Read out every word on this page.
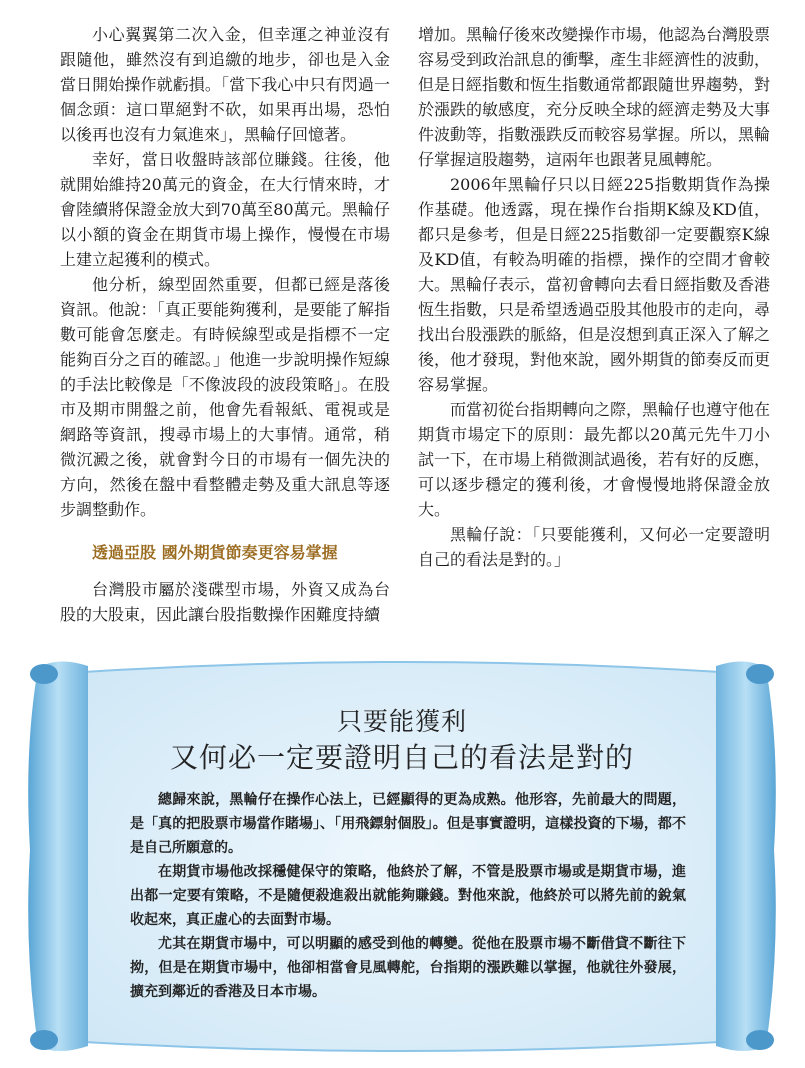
小心翼翼第二次入金，但幸運之神並沒有跟隨他，雖然沒有到追繳的地步，卻也是入金當日開始操作就虧損。「當下我心中只有閃過一個念頭：這口單絕對不砍，如果再出場，恐怕以後再也沒有力氣進來」，黑輪仔回憶著。

幸好，當日收盤時該部位賺錢。往後，他就開始維持20萬元的資金，在大行情來時，才會陸續將保證金放大到70萬至80萬元。黑輪仔以小額的資金在期貨市場上操作，慢慢在市場上建立起獲利的模式。

他分析，線型固然重要，但都已經是落後資訊。他說：「真正要能夠獲利，是要能了解指數可能會怎麼走。有時候線型或是指標不一定能夠百分之百的確認。」他進一步說明操作短線的手法比較像是「不像波段的波段策略」。在股市及期市開盤之前，他會先看報紙、電視或是網路等資訊，搜尋市場上的大事情。通常，稍微沉澱之後，就會對今日的市場有一個先決的方向，然後在盤中看整體走勢及重大訊息等逐步調整動作。

透過亞股 國外期貨節奏更容易掌握

台灣股市屬於淺碟型市場，外資又成為台股的大股東，因此讓台股指數操作困難度持續

增加。黑輪仔後來改變操作市場，他認為台灣股票容易受到政治訊息的衝擊，產生非經濟性的波動，但是日經指數和恆生指數通常都跟隨世界趨勢，對於漲跌的敏感度，充分反映全球的經濟走勢及大事件波動等，指數漲跌反而較容易掌握。所以，黑輪仔掌握這股趨勢，這兩年也跟著見風轉舵。

2006年黑輪仔只以日經225指數期貨作為操作基礎。他透露，現在操作台指期K線及KD值，都只是參考，但是日經225指數卻一定要觀察K線及KD值，有較為明確的指標，操作的空間才會較大。黑輪仔表示，當初會轉向去看日經指數及香港恆生指數，只是希望透過亞股其他股市的走向，尋找出台股漲跌的脈絡，但是沒想到真正深入了解之後，他才發現，對他來說，國外期貨的節奏反而更容易掌握。

而當初從台指期轉向之際，黑輪仔也遵守他在期貨市場定下的原則：最先都以20萬元先牛刀小試一下，在市場上稍微測試過後，若有好的反應，可以逐步穩定的獲利後，才會慢慢地將保證金放大。

黑輪仔說：「只要能獲利，又何必一定要證明自己的看法是對的。」

只要能獲利
又何必一定要證明自己的看法是對的

總歸來說，黑輪仔在操作心法上，已經顯得的更為成熟。他形容，先前最大的問題，是「真的把股票市場當作賭場」、「用飛鏢射個股」。但是事實證明，這樣投資的下場，都不是自己所願意的。

在期貨市場他改採穩健保守的策略，他終於了解，不管是股票市場或是期貨市場，進出都一定要有策略，不是隨便殺進殺出就能夠賺錢。對他來說，他終於可以將先前的銳氣收起來，真正虛心的去面對市場。

尤其在期貨市場中，可以明顯的感受到他的轉變。從他在股票市場不斷借貸不斷往下拗，但是在期貨市場中，他卻相當會見風轉舵，台指期的漲跌難以掌握，他就往外發展，擴充到鄰近的香港及日本市場。
